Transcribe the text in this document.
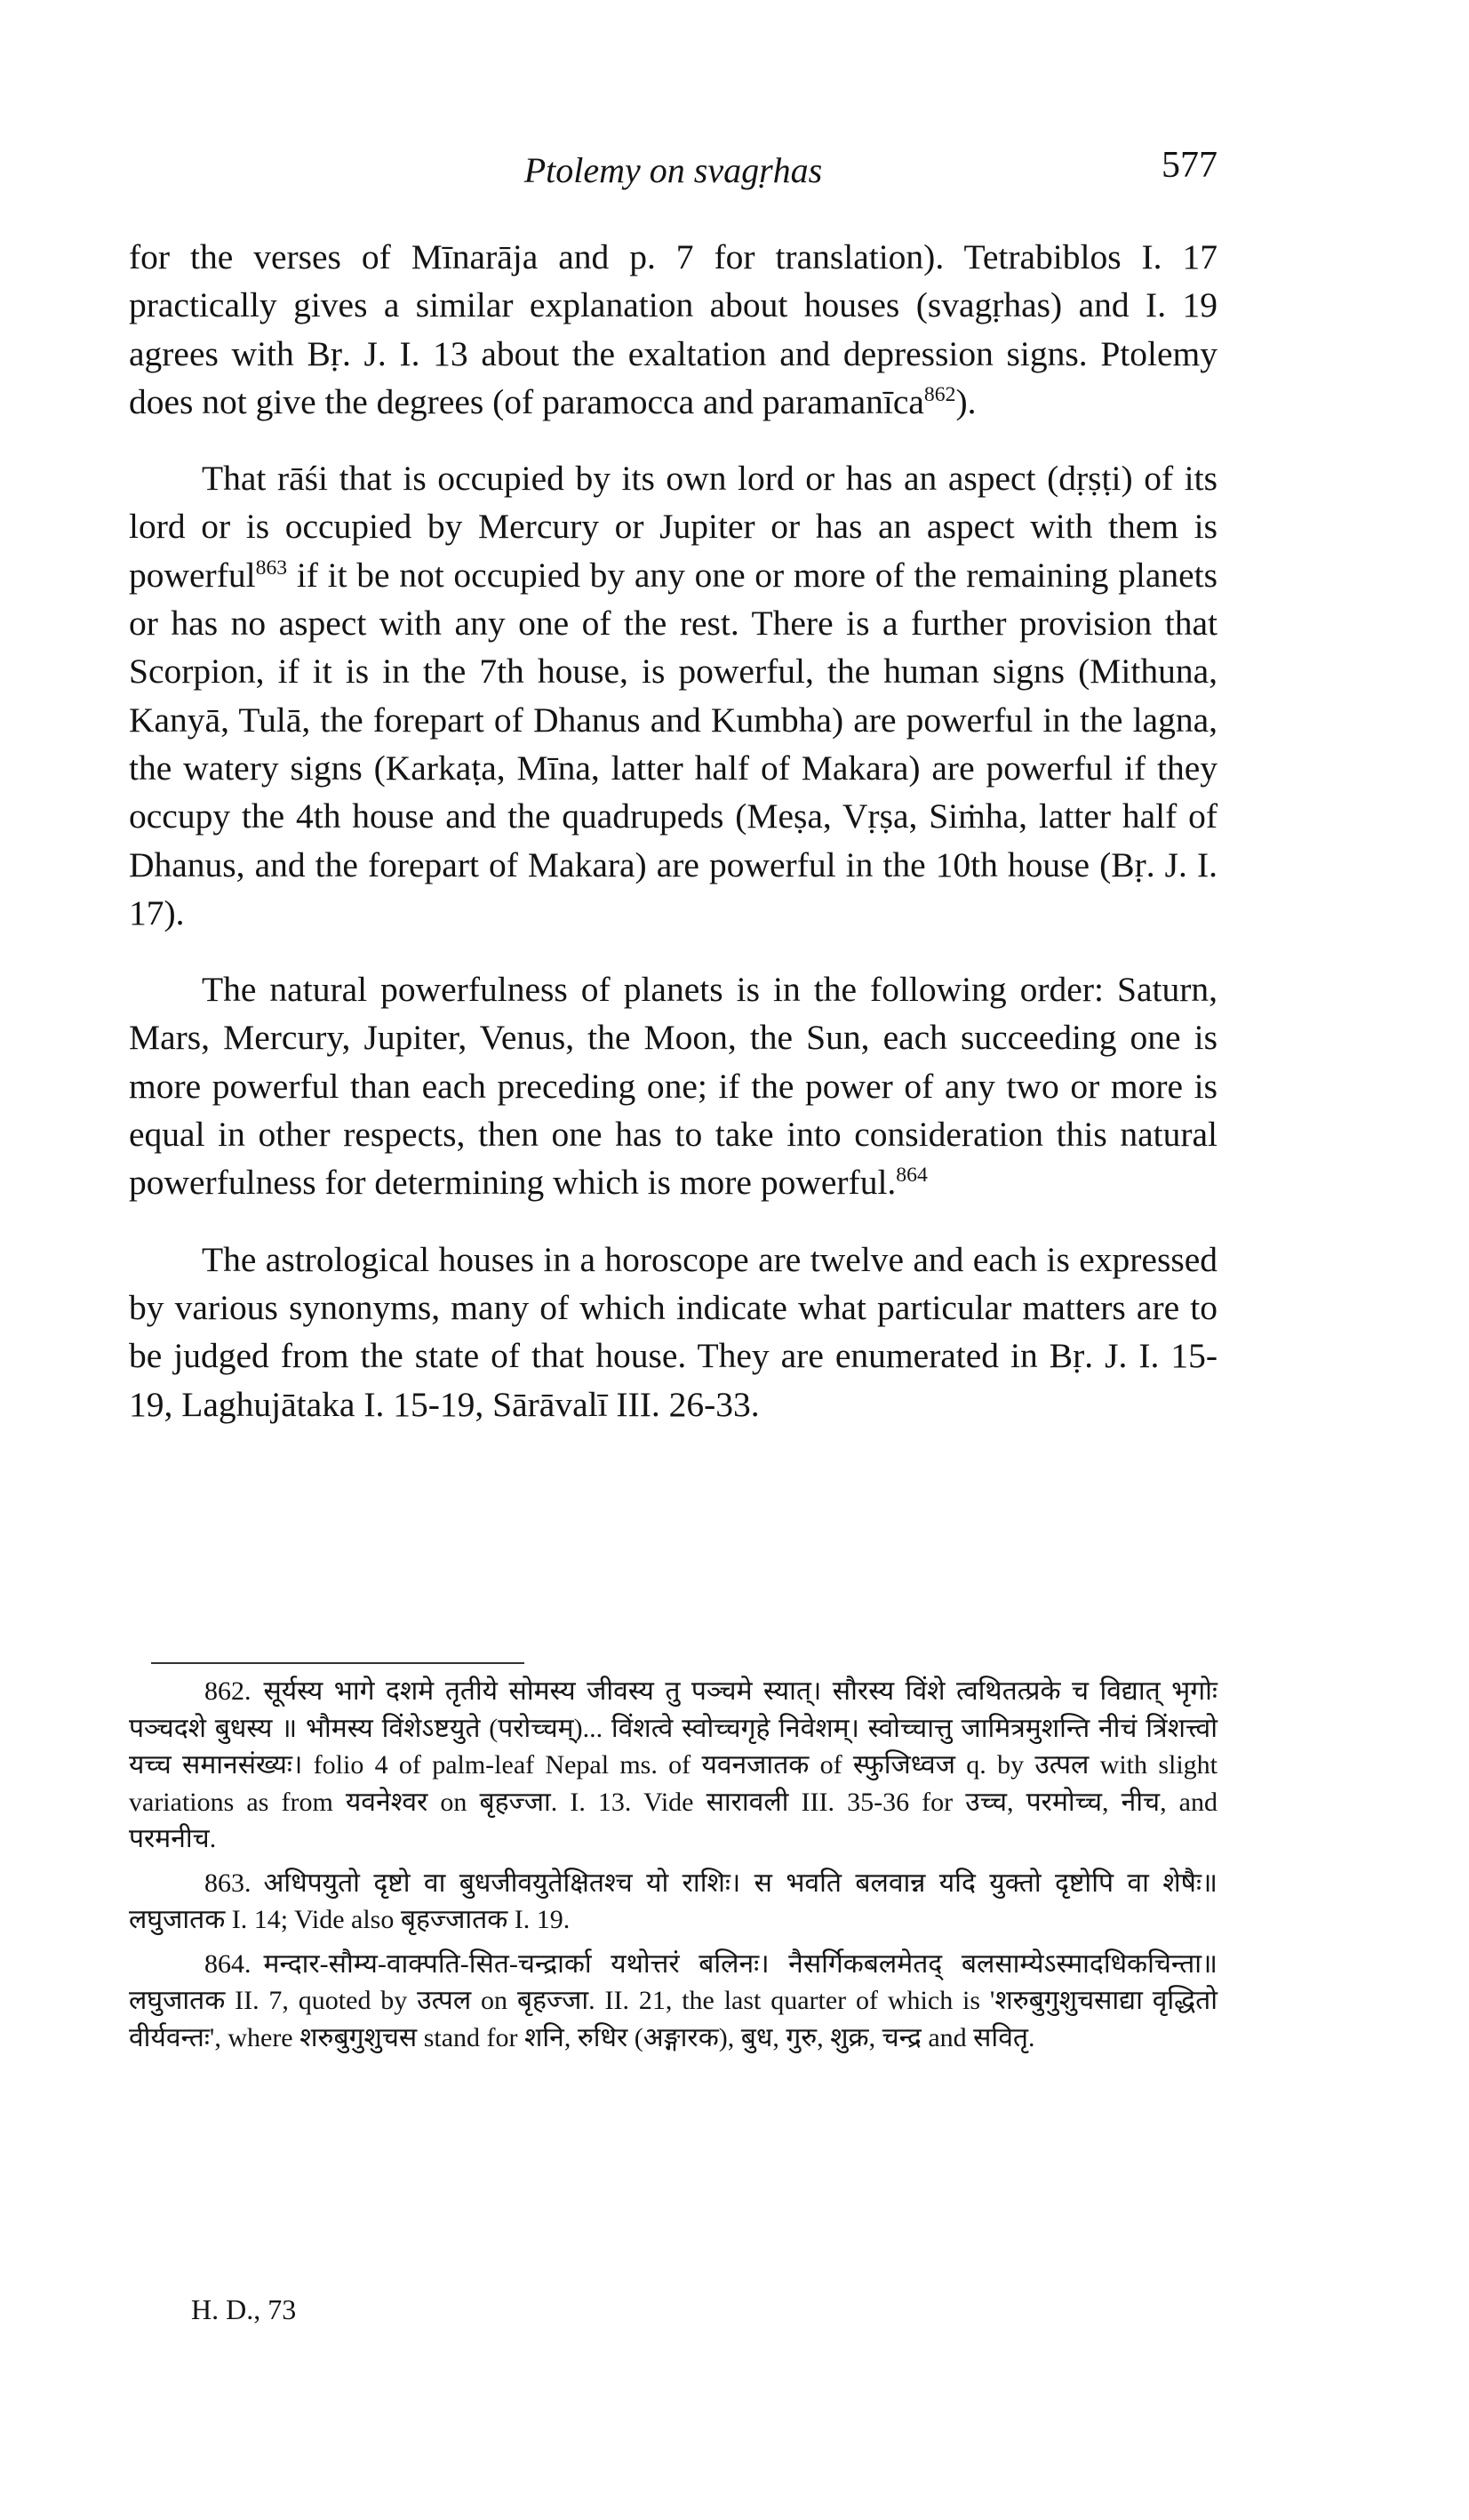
Ptolemy on svagṛhas	577

for the verses of Mīnarāja and p. 7 for translation). Tetrabiblos I. 17 practically gives a similar explanation about houses (svagṛhas) and I. 19 agrees with Bṛ. J. I. 13 about the exaltation and depression signs. Ptolemy does not give the degrees (of paramocca and paramanīca$^{862}$).

That rāśi that is occupied by its own lord or has an aspect (dṛṣṭi) of its lord or is occupied by Mercury or Jupiter or has an aspect with them is powerful$^{863}$ if it be not occupied by any one or more of the remaining planets or has no aspect with any one of the rest. There is a further provision that Scorpion, if it is in the 7th house, is powerful, the human signs (Mithuna, Kanyā, Tulā, the forepart of Dhanus and Kumbha) are powerful in the lagna, the watery signs (Karkaṭa, Mīna, latter half of Makara) are powerful if they occupy the 4th house and the quadrupeds (Meṣa, Vṛṣa, Siṁha, latter half of Dhanus, and the forepart of Makara) are powerful in the 10th house (Bṛ. J. I. 17).

The natural powerfulness of planets is in the following order: Saturn, Mars, Mercury, Jupiter, Venus, the Moon, the Sun, each succeeding one is more powerful than each preceding one; if the power of any two or more is equal in other respects, then one has to take into consideration this natural powerfulness for determining which is more powerful.$^{864}$

The astrological houses in a horoscope are twelve and each is expressed by various synonyms, many of which indicate what particular matters are to be judged from the state of that house. They are enumerated in Bṛ. J. I. 15-19, Laghujātaka I. 15-19, Sārāvalī III. 26-33.

862. सूर्यस्य भागे दशमे तृतीये सोमस्य जीवस्य तु पञ्चमे स्यात्। सौरस्य विंशे त्वथितत्प्रके च विद्यात् भृगोः पञ्चदशे बुधस्य ॥ भौमस्य विंशेऽष्टयुते (परोच्चम्)... विंशत्वे स्वोच्चगृहे निवेशम्। स्वोच्चात्तु जामित्रमुशन्ति नीचं त्रिंशत्त्वो यच्च समानसंख्यः। folio 4 of palm-leaf Nepal ms. of यवनजातक of स्फुजिध्वज q. by उत्पल with slight variations as from यवनेश्वर on बृहज्जा. I. 13. Vide सारावली III. 35-36 for उच्च, परमोच्च, नीच, and परमनीच.

863. अधिपयुतो दृष्टो वा बुधजीवयुतेक्षितश्च यो राशिः। स भवति बलवान्न यदि युक्तो दृष्टोपि वा शेषैः॥ लघुजातक I. 14; Vide also बृहज्जातक I. 19.

864. मन्दार-सौम्य-वाक्पति-सित-चन्द्रार्का यथोत्तरं बलिनः। नैसर्गिकबलमेतद् बलसाम्येऽस्मादधिकचिन्ता॥ लघुजातक II. 7, quoted by उत्पल on बृहज्जा. II. 21, the last quarter of which is 'शरुबुगुशुचसाद्या वृद्धितो वीर्यवन्तः', where शरुबुगुशुचस stand for शनि, रुधिर (अङ्गारक), बुध, गुरु, शुक्र, चन्द्र and सवितृ.

H. D., 73
